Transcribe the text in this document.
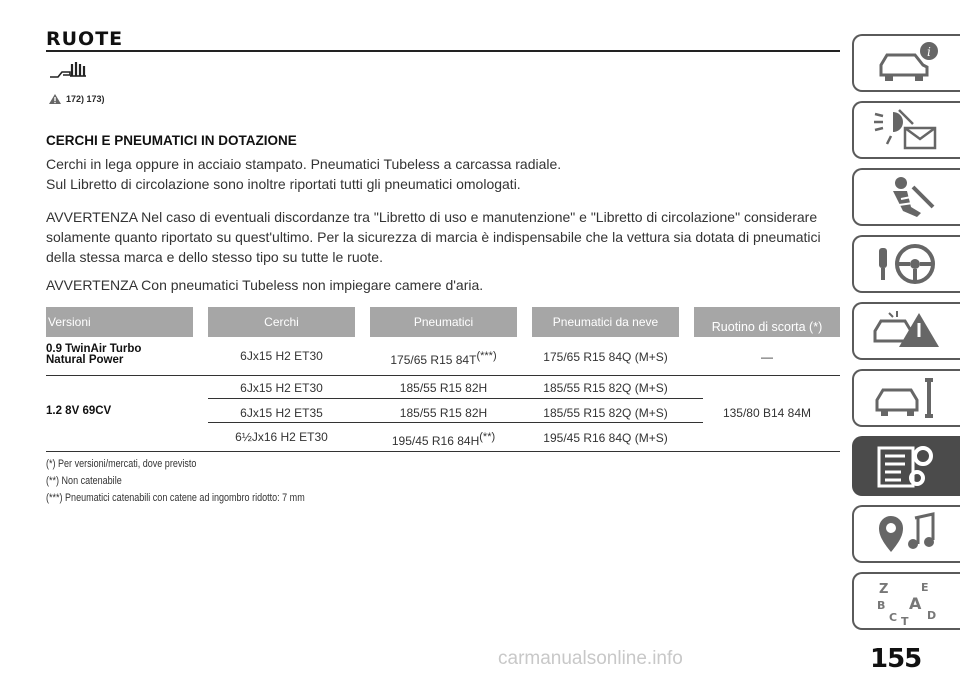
RUOTE
172) 173)
CERCHI E PNEUMATICI IN DOTAZIONE
Cerchi in lega oppure in acciaio stampato. Pneumatici Tubeless a carcassa radiale.
Sul Libretto di circolazione sono inoltre riportati tutti gli pneumatici omologati.
AVVERTENZA Nel caso di eventuali discordanze tra "Libretto di uso e manutenzione" e "Libretto di circolazione" considerare
solamente quanto riportato su quest'ultimo. Per la sicurezza di marcia è indispensabile che la vettura sia dotata di pneumatici
della stessa marca e dello stesso tipo su tutte le ruote.
AVVERTENZA Con pneumatici Tubeless non impiegare camere d'aria.
Versioni	Cerchi	Pneumatici	Pneumatici da neve	Ruotino di scorta (*)
0.9 TwinAir Turbo
Natural Power	6Jx15 H2 ET30	175/65 R15 84T(***)	175/65 R15 84Q (M+S)	—
1.2 8V 69CV
6Jx15 H2 ET30	185/55 R15 82H	185/55 R15 82Q (M+S)
6Jx15 H2 ET35	185/55 R15 82H	185/55 R15 82Q (M+S)	135/80 B14 84M
6½Jx16 H2 ET30	195/45 R16 84H(**)	195/45 R16 84Q (M+S)
(*) Per versioni/mercati, dove previsto
(**) Non catenabile
(***) Pneumatici catenabili con catene ad ingombro ridotto: 7 mm
i
Z	E
B A
C	D
T
155
carmanualsonline.info
